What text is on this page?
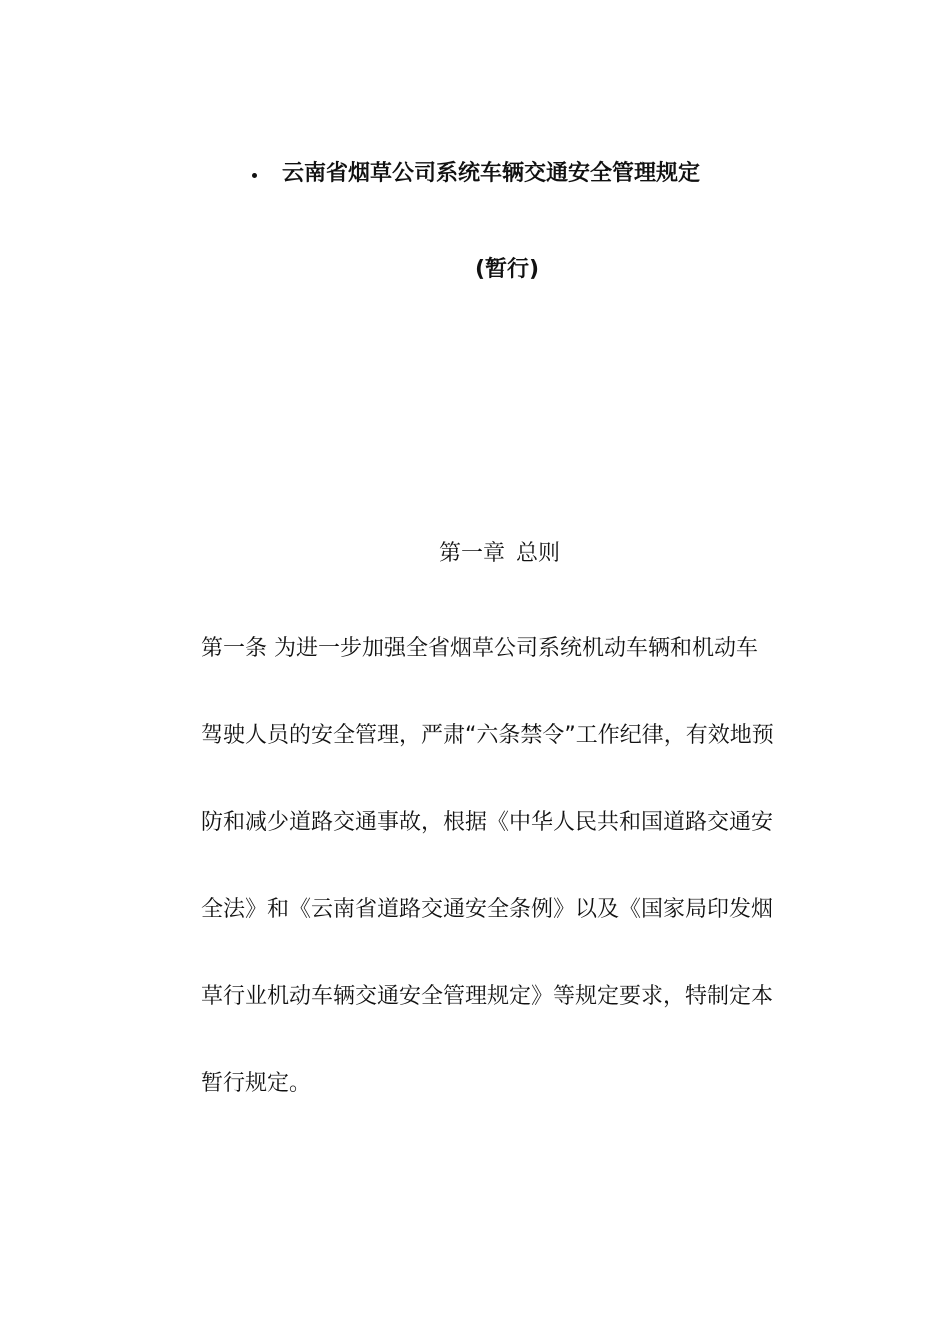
云南省烟草公司系统车辆交通安全管理规定
(暂行)
第一章 总则
第一条 为进一步加强全省烟草公司系统机动车辆和机动车
驾驶人员的安全管理，严肃“六条禁令”工作纪律，有效地预
防和减少道路交通事故，根据《中华人民共和国道路交通安
全法》和《云南省道路交通安全条例》以及《国家局印发烟
草行业机动车辆交通安全管理规定》等规定要求，特制定本
暂行规定。
